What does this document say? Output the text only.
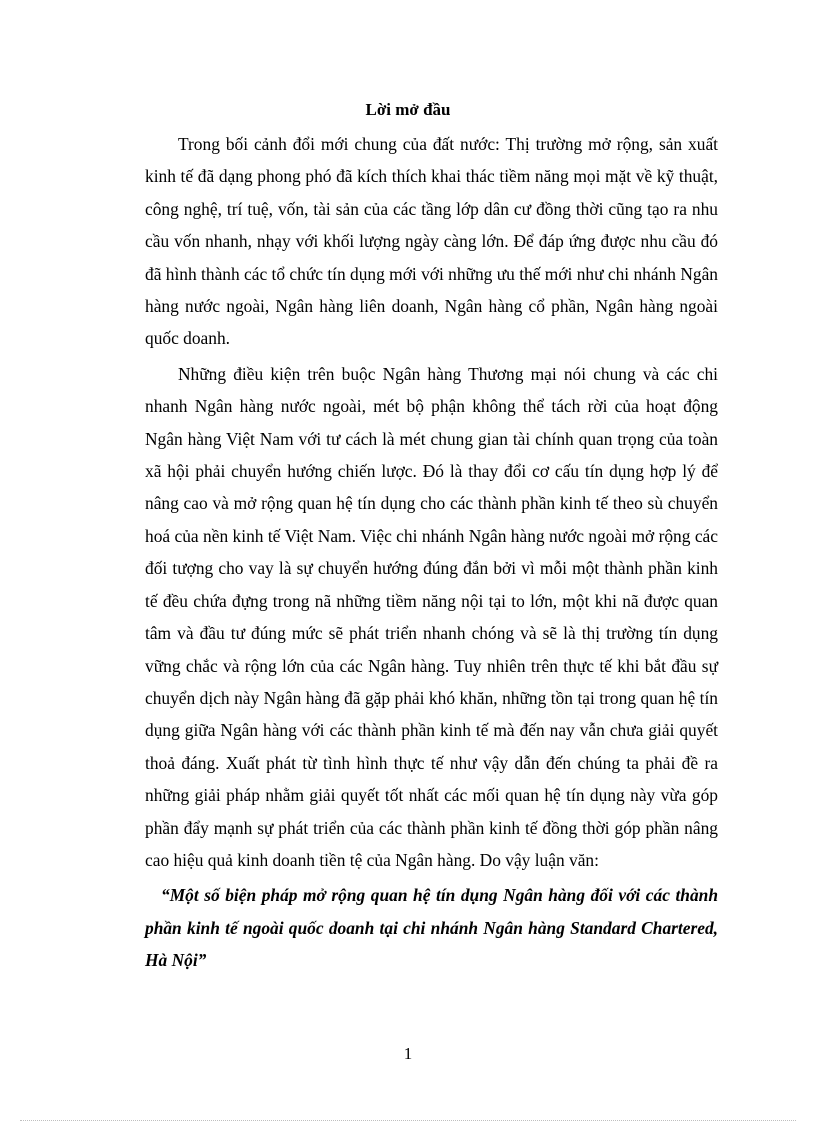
Lời mở đầu

Trong bối cảnh đổi mới chung của đất nước: Thị trường mở rộng, sản xuất kinh tế đã dạng phong phó đã kích thích khai thác tiềm năng mọi mặt về kỹ thuật, công nghệ, trí tuệ, vốn, tài sản của các tầng lớp dân cư đồng thời cũng tạo ra nhu cầu vốn nhanh, nhạy với khối lượng ngày càng lớn. Để đáp ứng được nhu cầu đó đã hình thành các tổ chức tín dụng mới với những ưu thế mới như chi nhánh Ngân hàng nước ngoài, Ngân hàng liên doanh, Ngân hàng cổ phần, Ngân hàng ngoài quốc doanh.

Những điều kiện trên buộc Ngân hàng Thương mại nói chung và các chi nhanh Ngân hàng nước ngoài, mét bộ phận không thể tách rời của hoạt động Ngân hàng Việt Nam với tư cách là mét chung gian tài chính quan trọng của toàn xã hội phải chuyển hướng chiến lược. Đó là thay đổi cơ cấu tín dụng hợp lý để nâng cao và mở rộng quan hệ tín dụng cho các thành phần kinh tế theo sù chuyển hoá của nền kinh tế Việt Nam. Việc chi nhánh Ngân hàng nước ngoài mở rộng các đối tượng cho vay là sự chuyển hướng đúng đắn bởi vì mỗi một thành phần kinh tế đều chứa đựng trong nã những tiềm năng nội tại to lớn, một khi nã được quan tâm và đầu tư đúng mức sẽ phát triển nhanh chóng và sẽ là thị trường tín dụng vững chắc và rộng lớn của các Ngân hàng. Tuy nhiên trên thực tế khi bắt đầu sự chuyển dịch này Ngân hàng đã gặp phải khó khăn, những tồn tại trong quan hệ tín dụng giữa Ngân hàng với các thành phần kinh tế mà đến nay vẫn chưa giải quyết thoả đáng. Xuất phát từ tình hình thực tế như vậy dẫn đến chúng ta phải đề ra những giải pháp nhằm giải quyết tốt nhất các mối quan hệ tín dụng này vừa góp phần đẩy mạnh sự phát triển của các thành phần kinh tế đồng thời góp phần nâng cao hiệu quả kinh doanh tiền tệ của Ngân hàng. Do vậy luận văn:

“Một số biện pháp mở rộng quan hệ tín dụng Ngân hàng đối với các thành phần kinh tế ngoài quốc doanh tại chi nhánh Ngân hàng Standard Chartered, Hà Nội”

1
